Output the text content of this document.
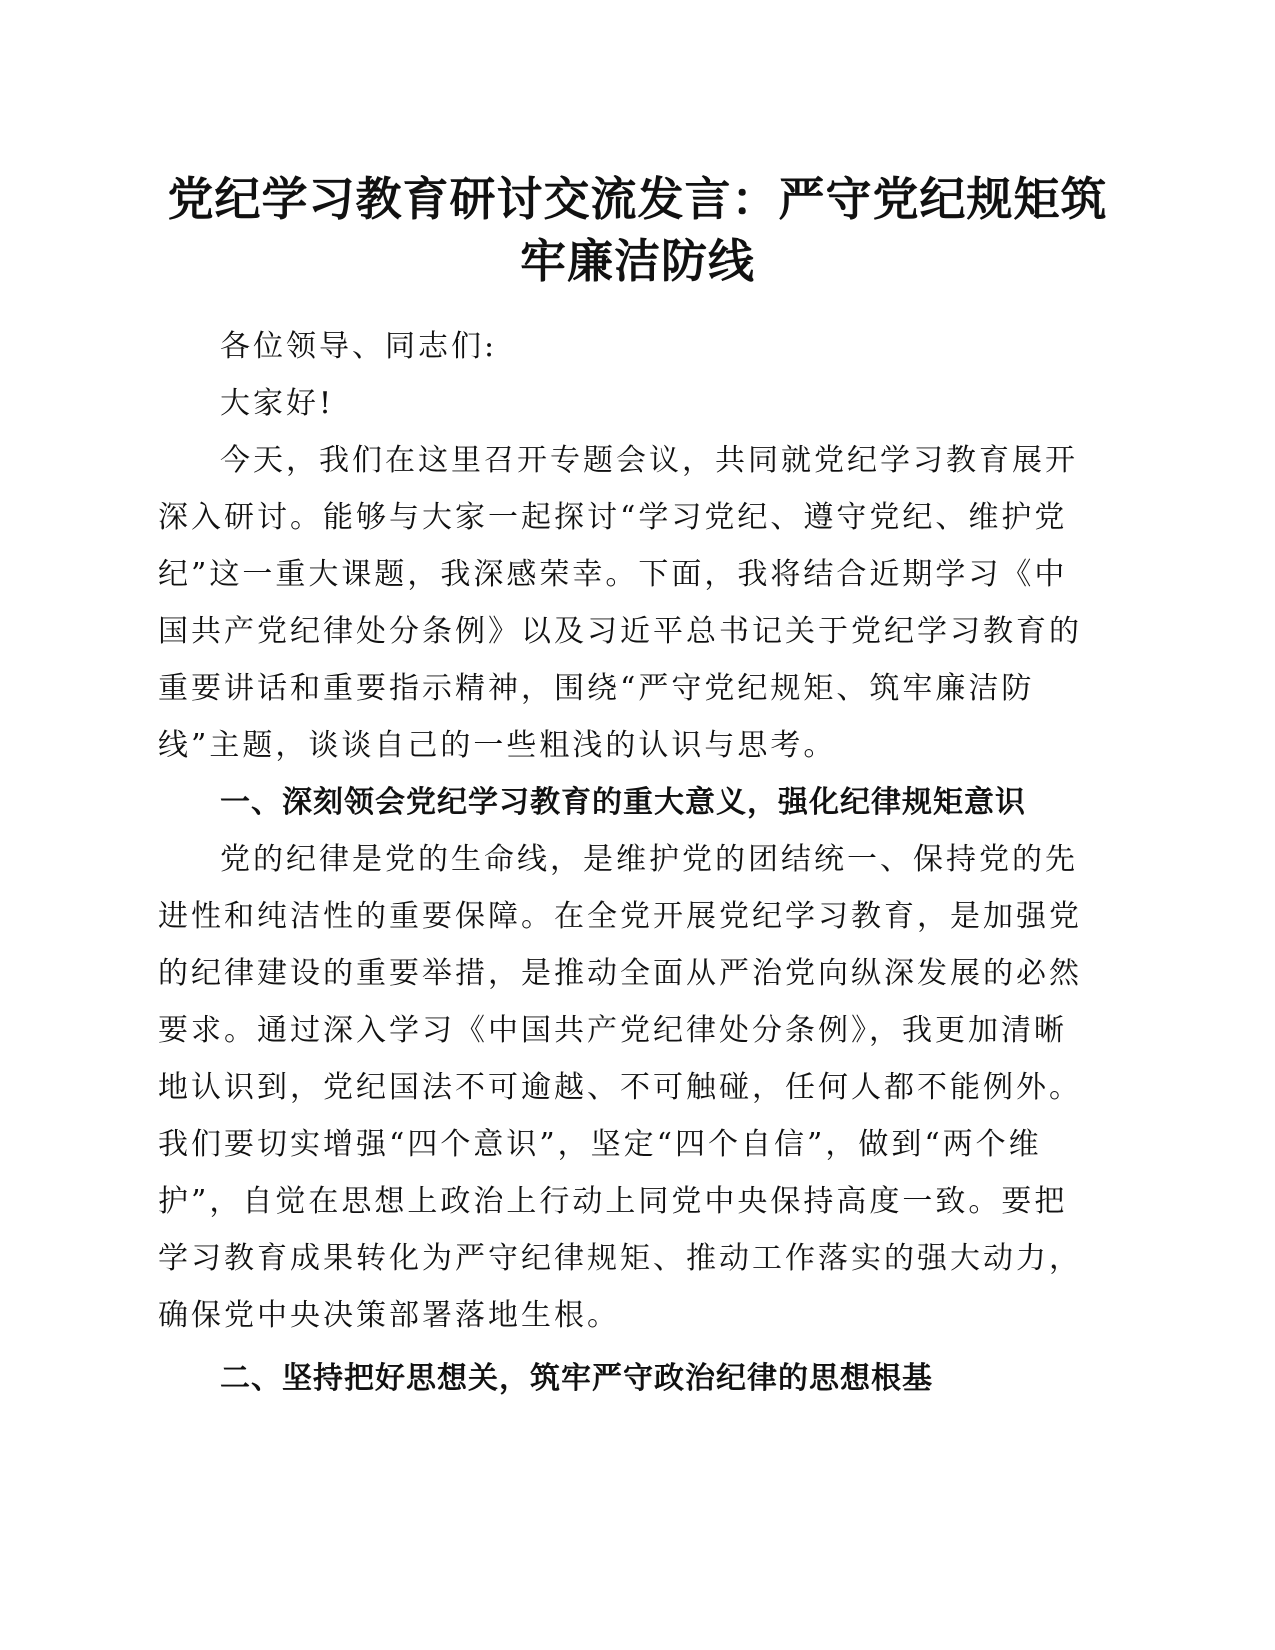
党纪学习教育研讨交流发言：严守党纪规矩筑
牢廉洁防线

各位领导、同志们:

大家好!

今天，我们在这里召开专题会议，共同就党纪学习教育展开深入研讨。能够与大家一起探讨“学习党纪、遵守党纪、维护党纪”这一重大课题，我深感荣幸。下面，我将结合近期学习《中国共产党纪律处分条例》以及习近平总书记关于党纪学习教育的重要讲话和重要指示精神，围绕“严守党纪规矩、筑牢廉洁防线”主题，谈谈自己的一些粗浅的认识与思考。

一、深刻领会党纪学习教育的重大意义，强化纪律规矩意识

党的纪律是党的生命线，是维护党的团结统一、保持党的先进性和纯洁性的重要保障。在全党开展党纪学习教育，是加强党的纪律建设的重要举措，是推动全面从严治党向纵深发展的必然要求。通过深入学习《中国共产党纪律处分条例》，我更加清晰地认识到，党纪国法不可逾越、不可触碰，任何人都不能例外。我们要切实增强“四个意识”，坚定“四个自信”，做到“两个维护”，自觉在思想上政治上行动上同党中央保持高度一致。要把学习教育成果转化为严守纪律规矩、推动工作落实的强大动力，确保党中央决策部署落地生根。

二、坚持把好思想关，筑牢严守政治纪律的思想根基
